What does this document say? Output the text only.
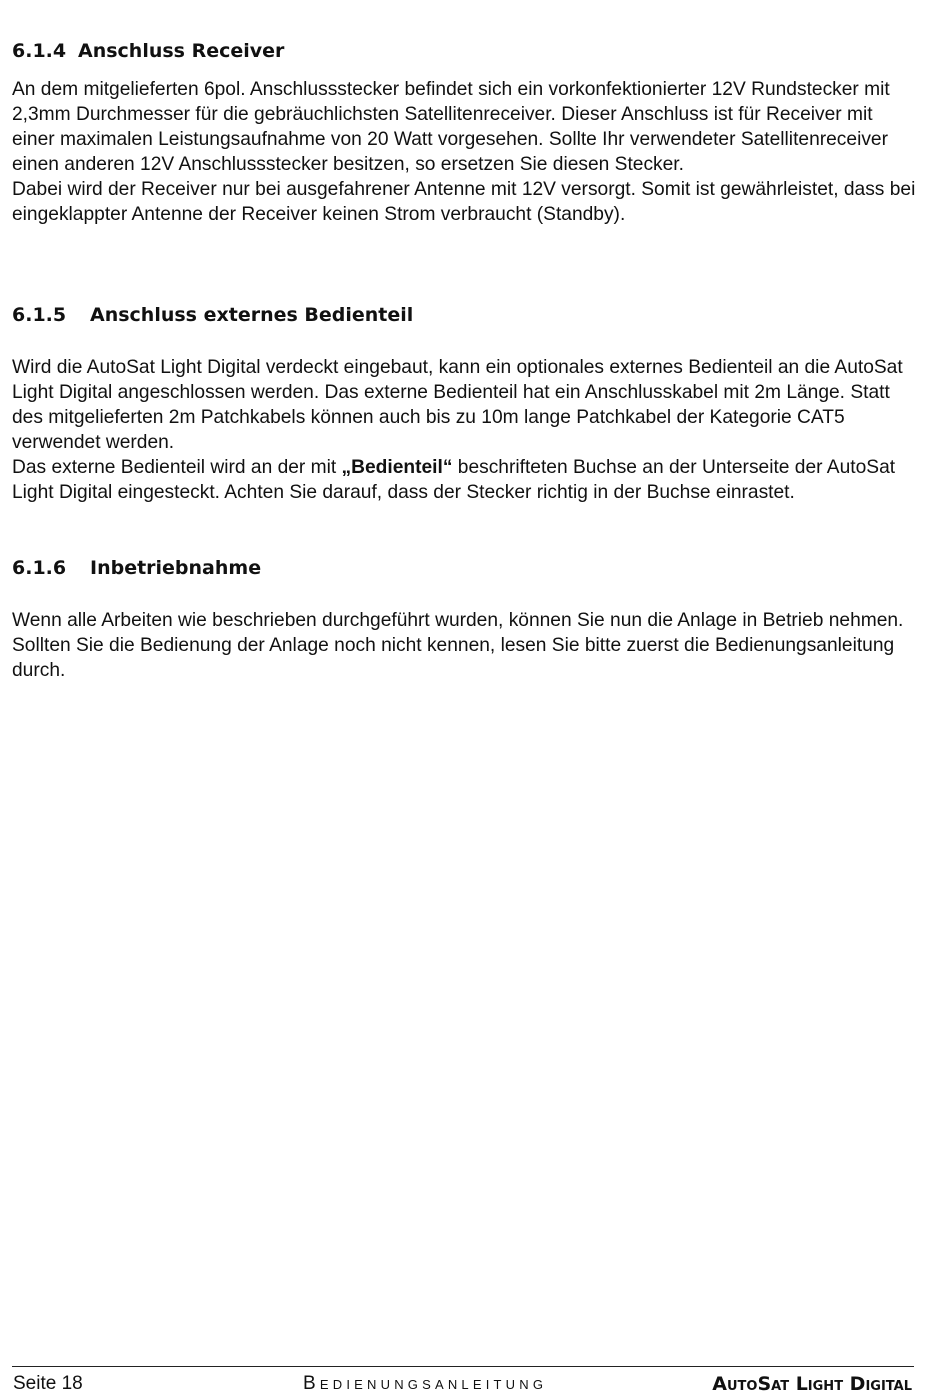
6.1.4 Anschluss Receiver

An dem mitgelieferten 6pol. Anschlussstecker befindet sich ein vorkonfektionierter 12V Rundstecker mit 2,3mm Durchmesser für die gebräuchlichsten Satellitenreceiver. Dieser Anschluss ist für Receiver mit einer maximalen Leistungsaufnahme von 20 Watt vorgesehen. Sollte Ihr verwendeter Satellitenreceiver einen anderen 12V Anschlussstecker besitzen, so ersetzen Sie diesen Stecker.

Dabei wird der Receiver nur bei ausgefahrener Antenne mit 12V versorgt. Somit ist gewährleistet, dass bei eingeklappter Antenne der Receiver keinen Strom verbraucht (Standby).

6.1.5 Anschluss externes Bedienteil

Wird die AutoSat Light Digital verdeckt eingebaut, kann ein optionales externes Bedienteil an die AutoSat Light Digital angeschlossen werden. Das externe Bedienteil hat ein Anschlusskabel mit 2m Länge. Statt des mitgelieferten 2m Patchkabels können auch bis zu 10m lange Patchkabel der Kategorie CAT5 verwendet werden.

Das externe Bedienteil wird an der mit „Bedienteil“ beschrifteten Buchse an der Unterseite der AutoSat Light Digital eingesteckt. Achten Sie darauf, dass der Stecker richtig in der Buchse einrastet.

6.1.6 Inbetriebnahme

Wenn alle Arbeiten wie beschrieben durchgeführt wurden, können Sie nun die Anlage in Betrieb nehmen. Sollten Sie die Bedienung der Anlage noch nicht kennen, lesen Sie bitte zuerst die Bedienungsanleitung durch.

Seite 18	Bedienungsanleitung	AutoSat Light Digital
